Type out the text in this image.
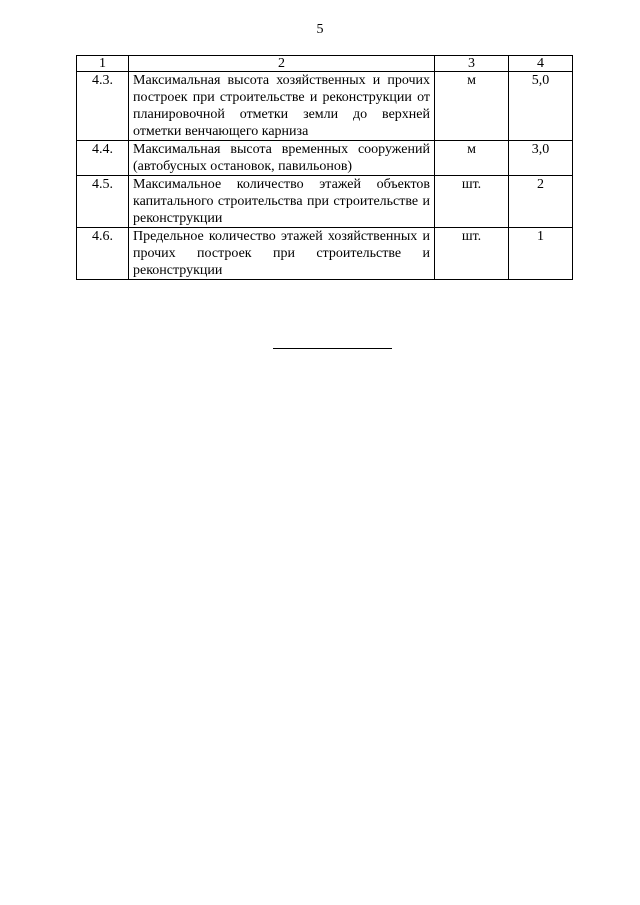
5
1	2	3	4
4.3.	Максимальная высота хозяйственных и прочих построек при строительстве и реконструкции от планировочной отметки земли до верхней отметки венчающего карниза	м	5,0
4.4.	Максимальная высота временных сооружений (автобусных остановок, павильонов)	м	3,0
4.5.	Максимальное количество этажей объектов капитального строительства при строительстве и реконструкции	шт.	2
4.6.	Предельное количество этажей хозяйственных и прочих построек при строительстве и реконструкции	шт.	1
